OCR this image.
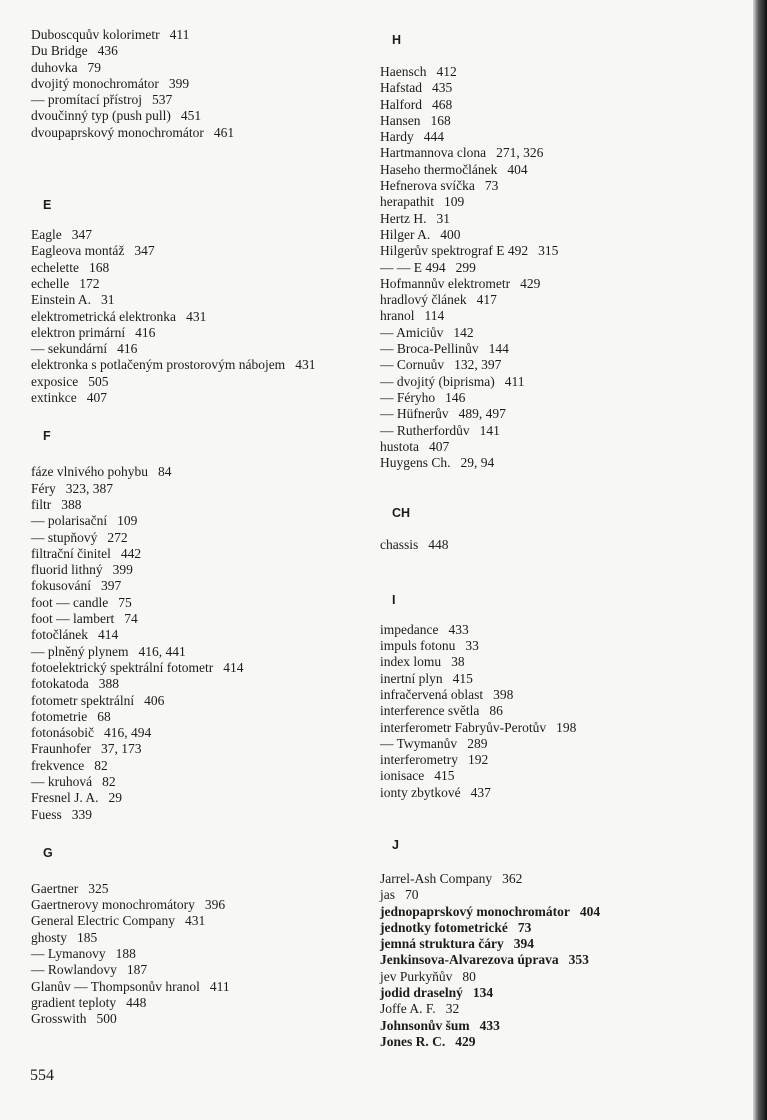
Duboscquův kolorimetr 411
Du Bridge 436
duhovka 79
dvojitý monochromátor 399
— promítací přístroj 537
dvoučinný typ (push pull) 451
dvoupaprskový monochromátor 461
E
Eagle 347
Eagleova montáž 347
echelette 168
echelle 172
Einstein A. 31
elektrometrická elektronka 431
elektron primární 416
— sekundární 416
elektronka s potlačeným prostorovým nábojem 431
exposice 505
extinkce 407
F
fáze vlnivého pohybu 84
Féry 323, 387
filtr 388
— polarisační 109
— stupňový 272
filtrační činitel 442
fluorid lithný 399
fokusování 397
foot — candle 75
foot — lambert 74
fotočlánek 414
— plněný plynem 416, 441
fotoelektrický spektrální fotometr 414
fotokatoda 388
fotometr spektrální 406
fotometrie 68
fotonásobič 416, 494
Fraunhofer 37, 173
frekvence 82
— kruhová 82
Fresnel J. A. 29
Fuess 339
G
Gaertner 325
Gaertnerovy monochromátory 396
General Electric Company 431
ghosty 185
— Lymanovy 188
— Rowlandovy 187
Glanův — Thompsonův hranol 411
gradient teploty 448
Grosswith 500
H
Haensch 412
Hafstad 435
Halford 468
Hansen 168
Hardy 444
Hartmannova clona 271, 326
Haseho thermočlánek 404
Hefnerova svíčka 73
herapathit 109
Hertz H. 31
Hilger A. 400
Hilgerův spektrograf E 492 315
— — E 494 299
Hofmannův elektrometr 429
hradlový článek 417
hranol 114
— Amiciův 142
— Broca-Pellinův 144
— Cornuův 132, 397
— dvojitý (biprisma) 411
— Féryho 146
— Hüfnerův 489, 497
— Rutherfordův 141
hustota 407
Huygens Ch. 29, 94
CH
chassis 448
I
impedance 433
impuls fotonu 33
index lomu 38
inertní plyn 415
infračervená oblast 398
interference světla 86
interferometr Fabryův-Perotův 198
— Twymanův 289
interferometry 192
ionisace 415
ionty zbytkové 437
J
Jarrel-Ash Company 362
jas 70
jednopaprskový monochromátor 404
jednotky fotometrické 73
jemná struktura čáry 394
Jenkinsova-Alvarezova úprava 353
jev Purkyňův 80
jodid draselný 134
Joffe A. F. 32
Johnsonův šum 433
Jones R. C. 429
554
